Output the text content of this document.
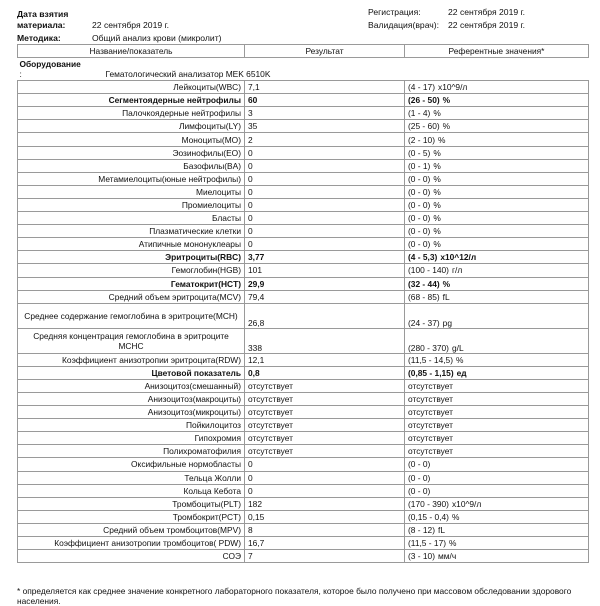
Дата взятия
материала:	22 сентября 2019 г.
Методика:	Общий анализ крови (микролит)
Регистрация:	22 сентября 2019 г.
Валидация(врач): 22 сентября 2019 г.
Название/показатель	Результат	Референтные значения*

Оборудование
: Гематологический анализатор MEK 6510K		

Лейкоциты(WBC)	7,1	(4 - 17) x10^9/л
Сегментоядерные нейтрофилы	60	(26 - 50) %
Палочкоядерные нейтрофилы	3	(1 - 4) %
Лимфоциты(LY)	35	(25 - 60) %
Моноциты(MO)	2	(2 - 10) %
Эозинофилы(EO)	0	(0 - 5) %
Базофилы(BA)	0	(0 - 1) %
Метамиелоциты(юные нейтрофилы)	0	(0 - 0) %
Миелоциты	0	(0 - 0) %
Промиелоциты	0	(0 - 0) %
Бласты	0	(0 - 0) %
Плазматические клетки	0	(0 - 0) %
Атипичные мононуклеары	0	(0 - 0) %
Эритроциты(RBC)	3,77	(4 - 5,3) x10^12/л
Гемоглобин(HGB)	101	(100 - 140) г/л
Гематокрит(HCT)	29,9	(32 - 44) %
Средний объем эритроцита(MCV)	79,4	(68 - 85) fL
Среднее содержание гемоглобина в эритроците(MCH)	26,8	(24 - 37) pg
Средняя концентрация гемоглобина в эритроците MCHC	338	(280 - 370) g/L
Коэффициент анизотропии эритроцита(RDW)	12,1	(11,5 - 14,5) %
Цветовой показатель	0,8	(0,85 - 1,15) ед
Анизоцитоз(смешанный)	отсутствует	отсутствует
Анизоцитоз(макроциты)	отсутствует	отсутствует
Анизоцитоз(микроциты)	отсутствует	отсутствует
Пойкилоцитоз	отсутствует	отсутствует
Гипохромия	отсутствует	отсутствует
Полихроматофилия	отсутствует	отсутствует
Оксифильные нормобласты	0	(0 - 0)
Тельца Жолли	0	(0 - 0)
Кольца Кебота	0	(0 - 0)
Тромбоциты(PLT)	182	(170 - 390) x10^9/л
Тромбокрит(PCT)	0,15	(0,15 - 0,4) %
Средний объем тромбоцитов(MPV)	8	(8 - 12) fL
Коэффициент анизотропии тромбоцитов( PDW)	16,7	(11,5 - 17) %
СОЭ	7	(3 - 10) мм/ч
* определяется как среднее значение конкретного лабораторного показателя, которое было получено при массовом обследовании здорового населения.
